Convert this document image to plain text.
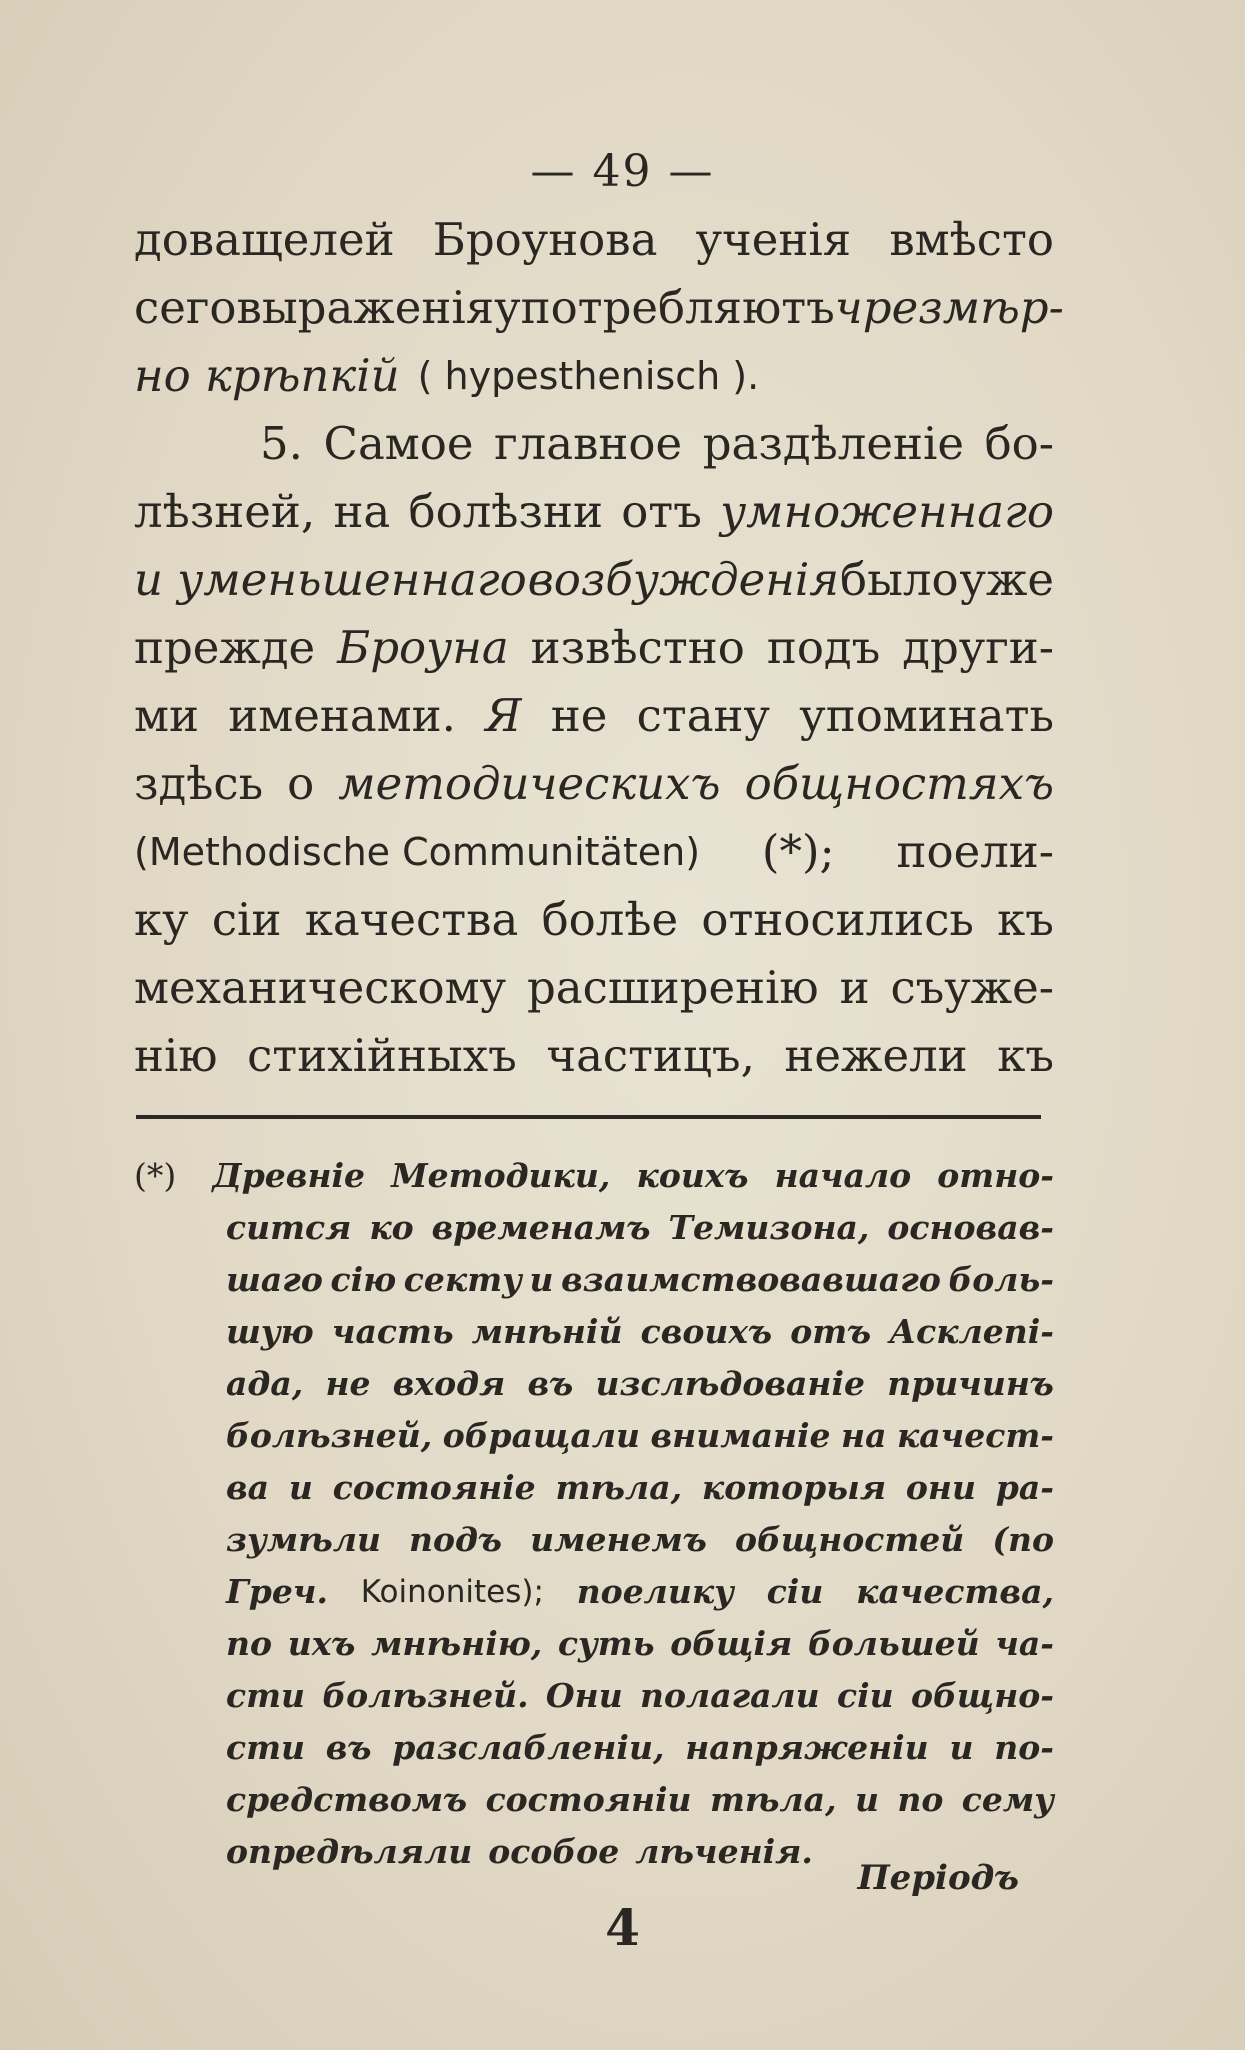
— 49 —
доващелей Броунова ученія вмѣсто
сего выраженія употребляютъ чрезмѣр-
но крѣпкій ( hypesthenisch ).
5. Самое главное раздѣленіе бо-
лѣзней, на болѣзни отъ умноженнаго
и уменьшеннаго возбужденія было уже
прежде Броуна извѣстно подъ други-
ми именами. Я не стану упоминать
здѣсь о методическихъ общностяхъ
(Methodische Communitäten) (*); поели-
ку сіи качества болѣе относились къ
механическому расширенію и съуже-
нію стихійныхъ частицъ, нежели къ
(*) Древніе Методики, коихъ начало отно-
сится ко временамъ Темизона, основав-
шаго сію секту и взаимствовавшаго боль-
шую часть мнѣній своихъ отъ Асклепі-
ада, не входя въ изслѣдованіе причинъ
болѣзней, обращали вниманіе на качест-
ва и состояніе тѣла, которыя они ра-
зумѣли подъ именемъ общностей (по
Греч. Koinonites); поелику сіи качества,
по ихъ мнѣнію, суть общія большей ча-
сти болѣзней. Они полагали сіи общно-
сти въ разслабленіи, напряженіи и по-
средствомъ состояніи тѣла, и по сему
опредѣляли особое лѣченія.
Періодъ
4
